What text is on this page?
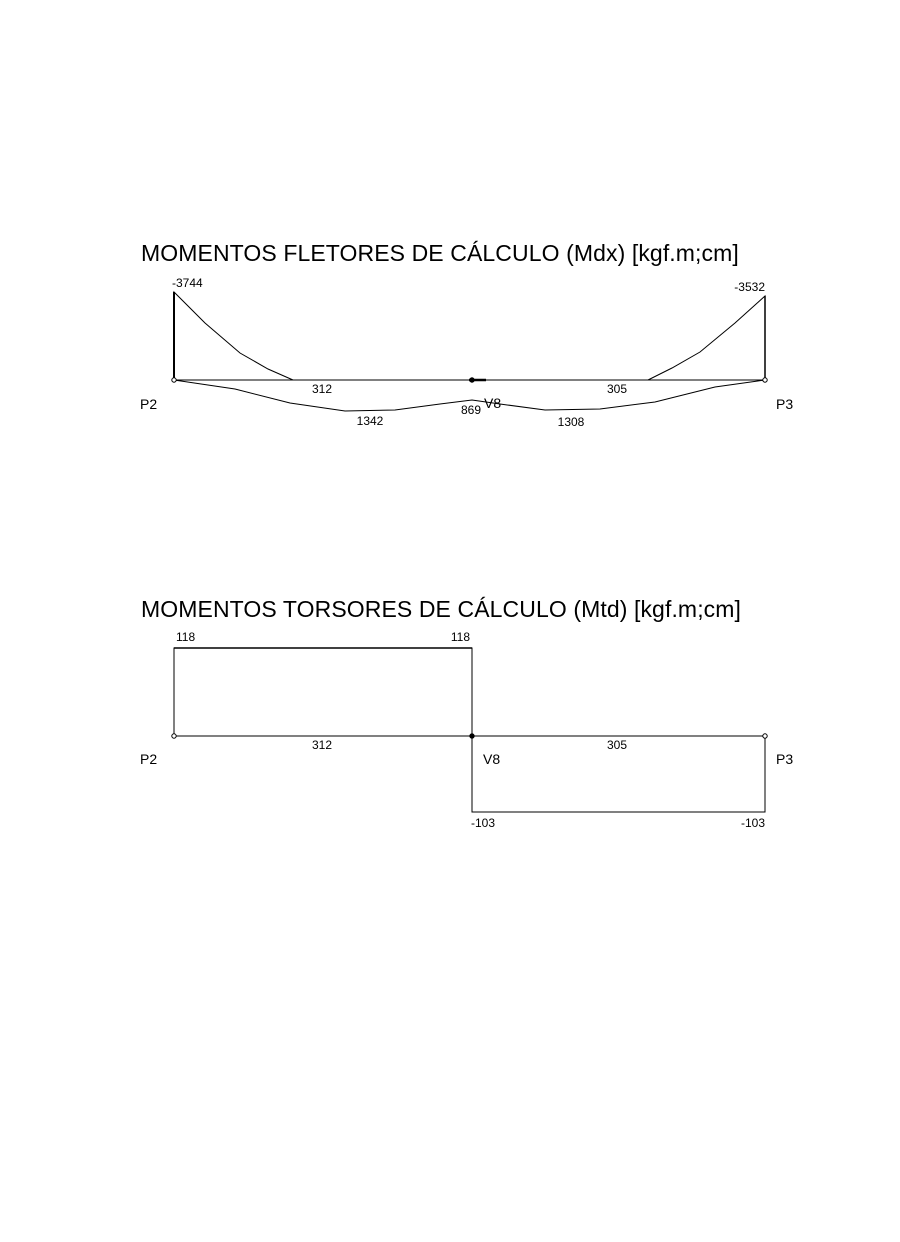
MOMENTOS FLETORES DE CÁLCULO (Mdx) [kgf.m;cm]
-3744	-3532
312	305
1342	1308
869
P2	V8	P3
MOMENTOS TORSORES DE CÁLCULO (Mtd) [kgf.m;cm]
118	118
312	305
-103	-103
P2	V8	P3
